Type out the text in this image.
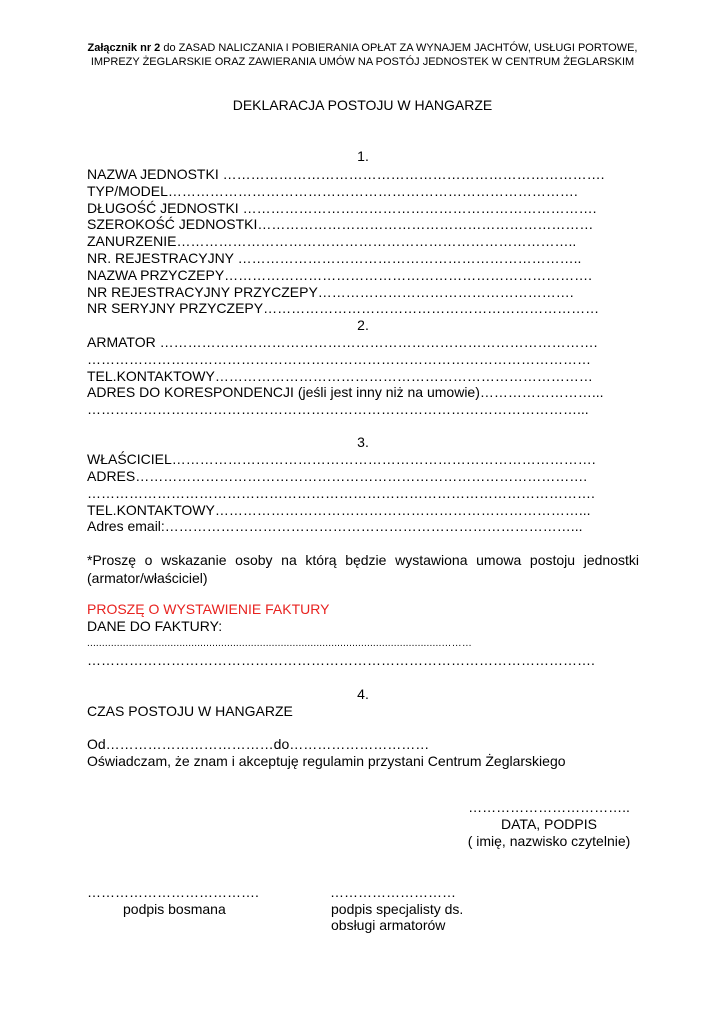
Załącznik nr 2 do ZASAD NALICZANIA I POBIERANIA OPŁAT ZA WYNAJEM JACHTÓW, USŁUGI PORTOWE,
IMPREZY ŻEGLARSKIE ORAZ ZAWIERANIA UMÓW NA POSTÓJ JEDNOSTEK W CENTRUM ŻEGLARSKIM
DEKLARACJA POSTOJU W HANGARZE
1.
NAZWA JEDNOSTKI ……………………………………………………………………….
TYP/MODEL…………………………………………………………………………….
DŁUGOŚĆ JEDNOSTKI ………………………………………………………………….
SZEROKOŚĆ JEDNOSTKI………………………………………………………………
ZANURZENIE…………………………………………………………………………..
NR. REJESTRACYJNY ………………………………………………………………..
NAZWA PRZYCZEPY…………………………………………………………………….
NR REJESTRACYJNY PRZYCZEPY……………………………………………….
NR SERYJNY PRZYCZEPY………………………………………………………………
2.
ARMATOR ………………………………………………………………………………….
………………………………………………………………………………………………
TEL.KONTAKTOWY………………………………………………………………………
ADRES DO KORESPONDENCJI (jeśli jest inny niż na umowie)……………………...
……………………………………………………………………………………………...
3.
WŁAŚCICIEL……………………………………………………………………………….
ADRES…………………………………………………………………………………….
……………………………………………………………………………………………….
TEL.KONTAKTOWY……………………………………………………………………...
Adres email:……………………………………………………………………………...
*Proszę o wskazanie osoby na którą będzie wystawiona umowa postoju jednostki (armator/właściciel)
PROSZĘ O WYSTAWIENIE FAKTURY
DANE DO FAKTURY:
.......................................................................................................................………
……………………………………………………………………………………………….
4.
CZAS POSTOJU W HANGARZE
Od………………………………do…………………………
Oświadczam, że znam i akceptuję regulamin przystani Centrum Żeglarskiego
……………………………..
DATA, PODPIS
( imię, nazwisko czytelnie)
……………………………….
podpis bosmana
………………………
podpis specjalisty ds.
obsługi armatorów
